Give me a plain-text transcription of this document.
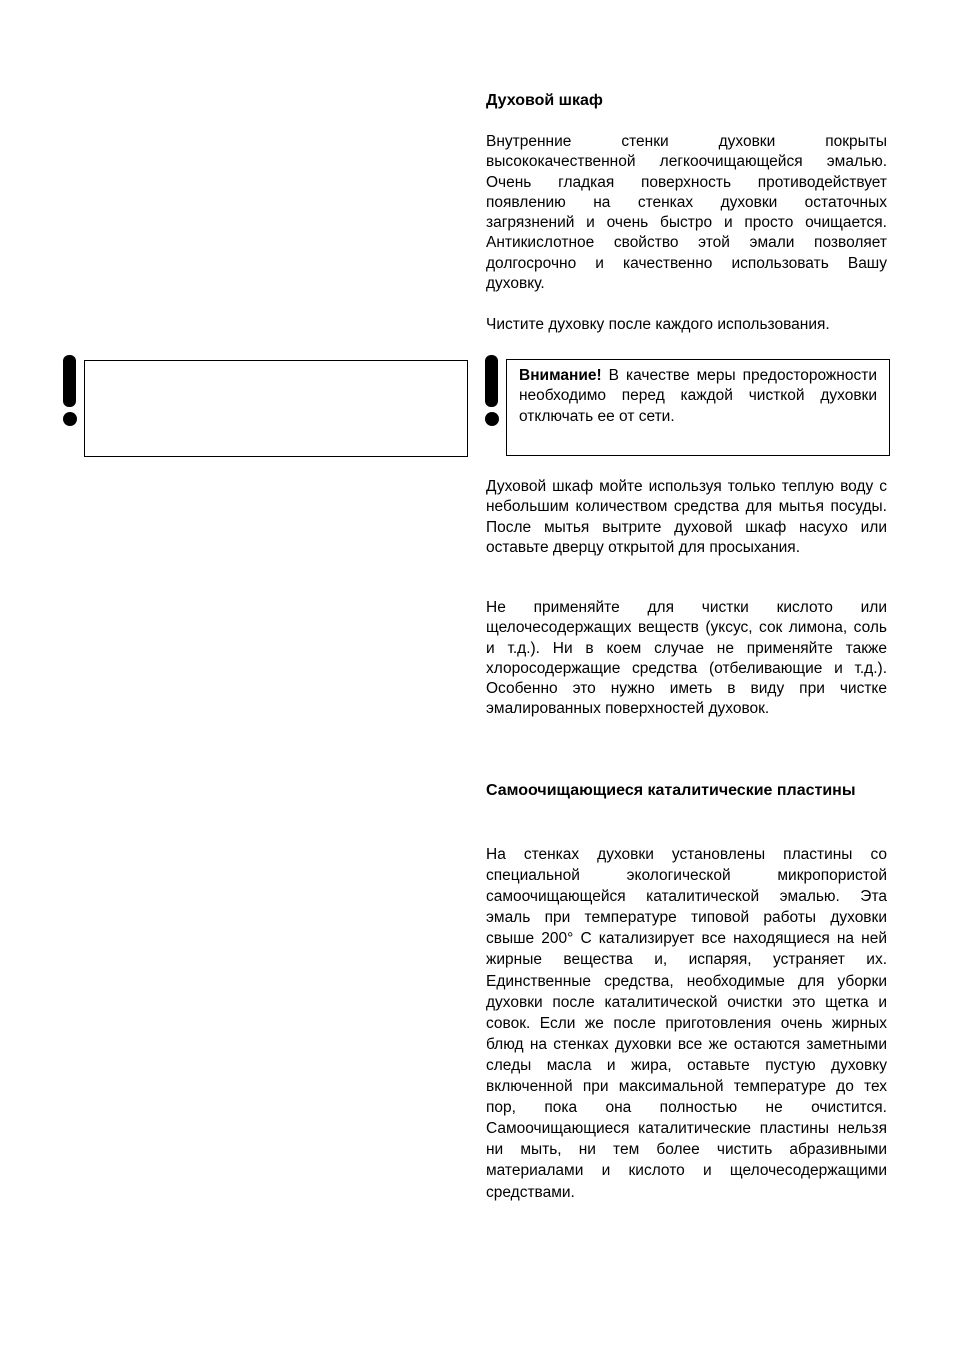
Духовой шкаф

Внутренние стенки духовки покрыты высококачественной легкоочищающейся эмалью. Очень гладкая поверхность противодействует появлению на стенках духовки остаточных загрязнений и очень быстро и просто очищается. Антикислотное свойство этой эмали позволяет долгосрочно и качественно использовать Вашу духовку.

Чистите духовку после каждого использования.

Внимание! В качестве меры предосторожности необходимо перед каждой чисткой духовки отключать ее от сети.

Духовой шкаф мойте используя только теплую воду с небольшим количеством средства для мытья посуды. После мытья вытрите духовой шкаф насухо или оставьте дверцу открытой для просыхания.

Не применяйте для чистки кислото или щелочесодержащих веществ (уксус, сок лимона, соль и т.д.). Ни в коем случае не применяйте также хлоросодержащие средства (отбеливающие и т.д.). Особенно это нужно иметь в виду при чистке эмалированных поверхностей духовок.

Самоочищающиеся каталитические пластины

На стенках духовки установлены пластины со специальной экологической микропористой самоочищающейся каталитической эмалью. Эта эмаль при температуре типовой работы духовки свыше 200° С катализирует все находящиеся на ней жирные вещества и, испаряя, устраняет их. Единственные средства, необходимые для уборки духовки после каталитической очистки это щетка и совок. Если же после приготовления очень жирных блюд на стенках духовки все же остаются заметными следы масла и жира, оставьте пустую духовку включенной при максимальной температуре до тех пор, пока она полностью не очистится. Самоочищающиеся каталитические пластины нельзя ни мыть, ни тем более чистить абразивными материалами и кислото и щелочесодержащими средствами.
